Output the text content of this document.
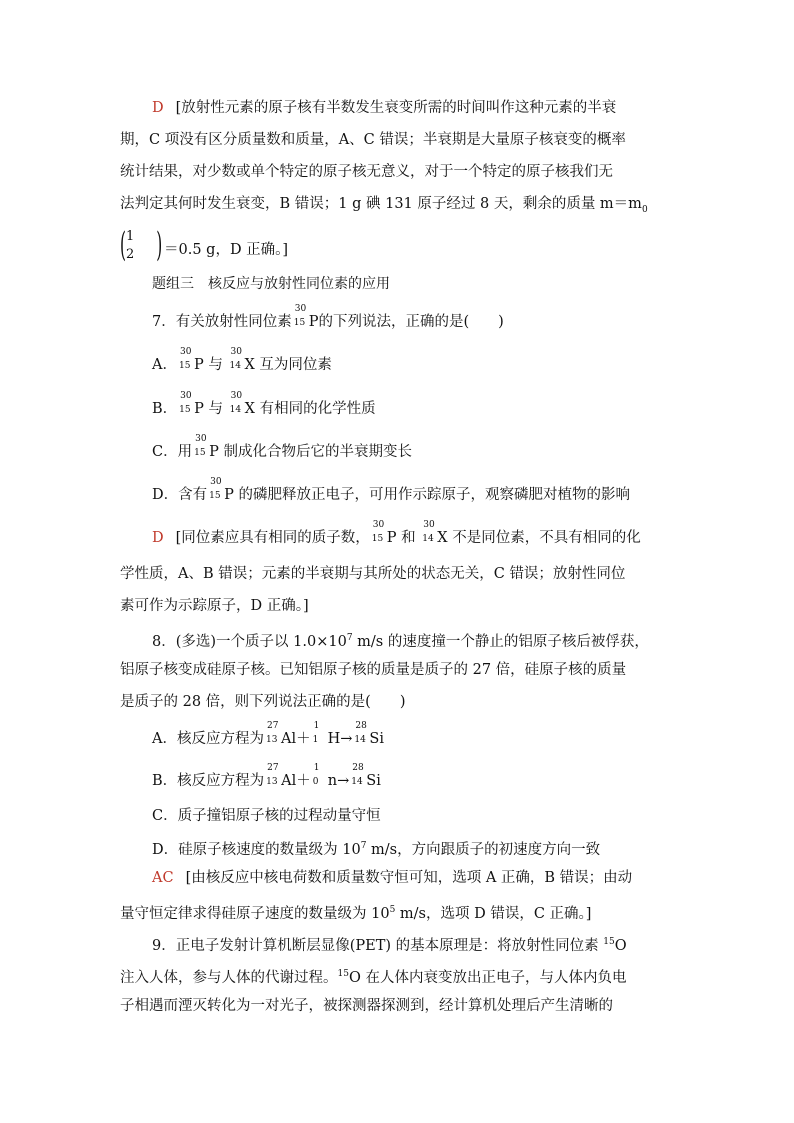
D [放射性元素的原子核有半数发生衰变所需的时间叫作这种元素的半衰
期，C 项没有区分质量数和质量，A、C 错误；半衰期是大量原子核衰变的概率
统计结果，对少数或单个特定的原子核无意义，对于一个特定的原子核我们无
法判定其何时发生衰变，B 错误；1 g 碘 131 原子经过 8 天，剩余的质量 $m=m_0$
( 1
2 ) ＝0.5 g，D 正确。]
题组三　核反应与放射性同位素的应用
7．有关放射性同位素
30
15 P的下列说法，正确的是(　　)
A．
30
15 P 与
30
14 X 互为同位素
B．
30
15 P 与
30
14 X 有相同的化学性质
C．用
30
15 P 制成化合物后它的半衰期变长
D．含有
30
15 P 的磷肥释放正电子，可用作示踪原子，观察磷肥对植物的影响
D [同位素应具有相同的质子数，
30
15 P 和
30
14 X 不是同位素，不具有相同的化
学性质，A、B 错误；元素的半衰期与其所处的状态无关，C 错误；放射性同位
素可作为示踪原子，D 正确。]
8．(多选)一个质子以 $1.0\times 10^7$ m/s 的速度撞一个静止的铝原子核后被俘获，
铝原子核变成硅原子核。已知铝原子核的质量是质子的 27 倍，硅原子核的质量
是质子的 28 倍，则下列说法正确的是(　　)
A．核反应方程为
27
13 Al＋
1
1 H→
28
14 Si
B．核反应方程为
27
13 Al＋
1
0 n→
28
14 Si
C．质子撞铝原子核的过程动量守恒
D．硅原子核速度的数量级为 $10^7$ m/s，方向跟质子的初速度方向一致
AC [由核反应中核电荷数和质量数守恒可知，选项 A 正确，B 错误；由动
量守恒定律求得硅原子速度的数量级为 $10^5$ m/s，选项 D 错误，C 正确。]
9．正电子发射计算机断层显像(PET) 的基本原理是：将放射性同位素 $^{15}$O
注入人体，参与人体的代谢过程。$^{15}$O 在人体内衰变放出正电子，与人体内负电
子相遇而湮灭转化为一对光子，被探测器探测到，经计算机处理后产生清晰的
